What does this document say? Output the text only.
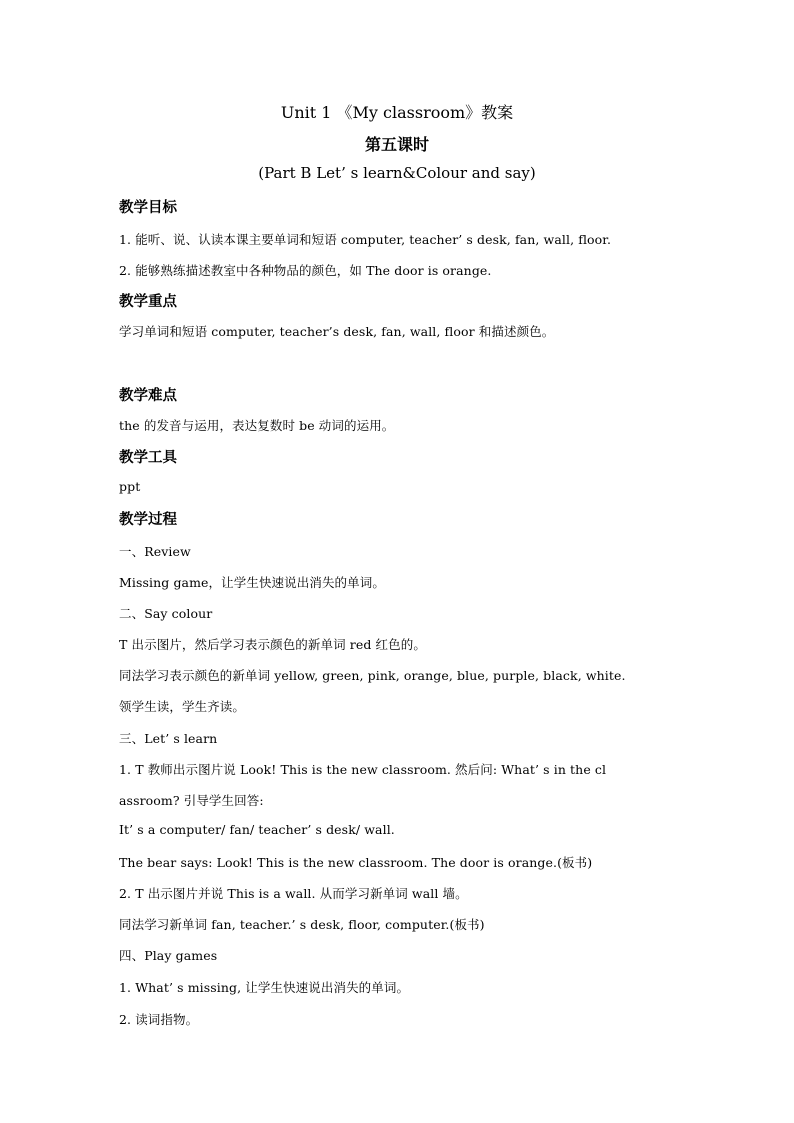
Unit 1 《My classroom》教案
第五课时
(Part B Let’ s learn&Colour and say)
教学目标
1. 能听、说、认读本课主要单词和短语 computer, teacher’ s desk, fan, wall, floor.
2. 能够熟练描述教室中各种物品的颜色，如 The door is orange.
教学重点
学习单词和短语 computer, teacher’s desk, fan, wall, floor 和描述颜色。
教学难点
the 的发音与运用，表达复数时 be 动词的运用。
教学工具
ppt
教学过程
一、Review
Missing game，让学生快速说出消失的单词。
二、Say colour
T 出示图片，然后学习表示颜色的新单词 red 红色的。
同法学习表示颜色的新单词 yellow, green, pink, orange, blue, purple, black, white.
领学生读，学生齐读。
三、Let’ s learn
1. T 教师出示图片说 Look! This is the new classroom. 然后问: What’ s in the cl
assroom? 引导学生回答:
It’ s a computer/ fan/ teacher’ s desk/ wall.
The bear says: Look! This is the new classroom. The door is orange.(板书)
2. T 出示图片并说 This is a wall. 从而学习新单词 wall 墙。
同法学习新单词 fan, teacher.’ s desk, floor, computer.(板书)
四、Play games
1. What’ s missing, 让学生快速说出消失的单词。
2. 读词指物。
